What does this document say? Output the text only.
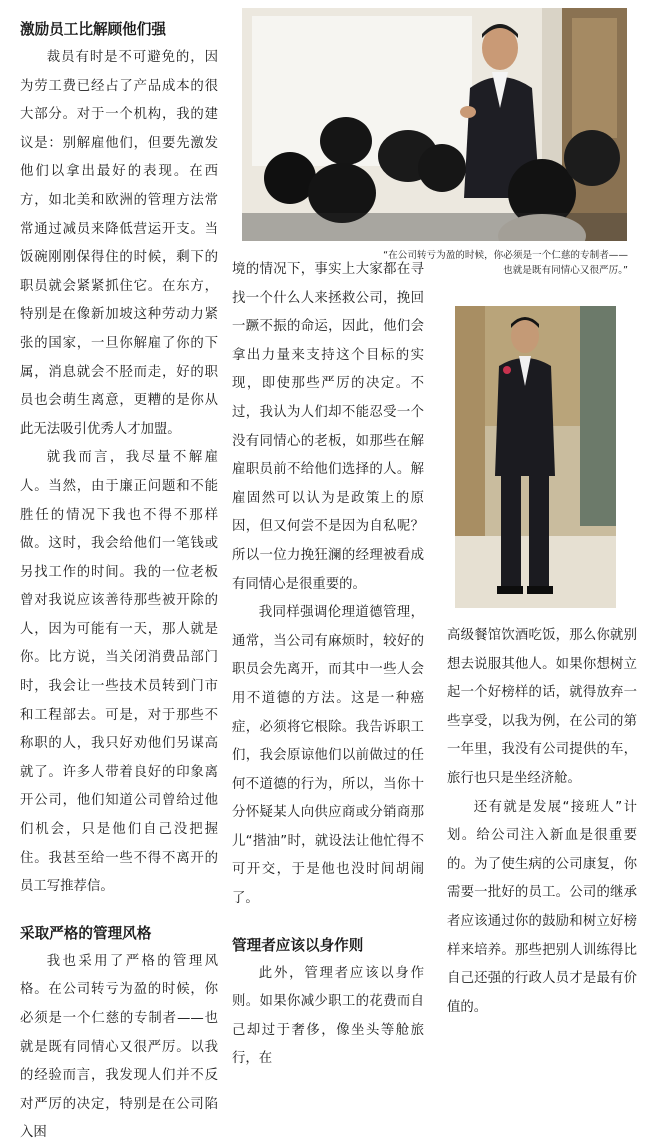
激励员工比解顾他们强

裁员有时是不可避免的，因为劳工费已经占了产品成本的很大部分。对于一个机构，我的建议是：别解雇他们，但要先激发他们以拿出最好的表现。在西方，如北美和欧洲的管理方法常常通过减员来降低营运开支。当饭碗刚刚保得住的时候，剩下的职员就会紧紧抓住它。在东方，特别是在像新加坡这种劳动力紧张的国家，一旦你解雇了你的下属，消息就会不胫而走，好的职员也会萌生离意，更糟的是你从此无法吸引优秀人才加盟。

就我而言，我尽量不解雇人。当然，由于廉正问题和不能胜任的情况下我也不得不那样做。这时，我会给他们一笔钱或另找工作的时间。我的一位老板曾对我说应该善待那些被开除的人，因为可能有一天，那人就是你。比方说，当关闭消费品部门时，我会让一些技术员转到门市和工程部去。可是，对于那些不称职的人，我只好劝他们另谋高就了。许多人带着良好的印象离开公司，他们知道公司曾给过他们机会，只是他们自己没把握住。我甚至给一些不得不离开的员工写推荐信。

采取严格的管理风格

我也采用了严格的管理风格。在公司转亏为盈的时候，你必须是一个仁慈的专制者——也就是既有同情心又很严厉。以我的经验而言，我发现人们并不反对严厉的决定，特别是在公司陷入困

“在公司转亏为盈的时候，你必须是一个仁慈的专制者——
也就是既有同情心又很严厉。”

境的情况下，事实上大家都在寻找一个什么人来拯救公司，挽回一蹶不振的命运，因此，他们会拿出力量来支持这个目标的实现，即使那些严厉的决定。不过，我认为人们却不能忍受一个没有同情心的老板，如那些在解雇职员前不给他们选择的人。解雇固然可以认为是政策上的原因，但又何尝不是因为自私呢？所以一位力挽狂澜的经理被看成有同情心是很重要的。

我同样强调伦理道德管理，通常，当公司有麻烦时，较好的职员会先离开，而其中一些人会用不道德的方法。这是一种癌症，必须将它根除。我告诉职工们，我会原谅他们以前做过的任何不道德的行为，所以，当你十分怀疑某人向供应商或分销商那儿“揩油”时，就设法让他忙得不可开交，于是他也没时间胡闹了。

管理者应该以身作则

此外，管理者应该以身作则。如果你减少职工的花费而自己却过于奢侈，像坐头等舱旅行，在

高级餐馆饮酒吃饭，那么你就别想去说服其他人。如果你想树立起一个好榜样的话，就得放弃一些享受，以我为例，在公司的第一年里，我没有公司提供的车，旅行也只是坐经济舱。

还有就是发展“接班人”计划。给公司注入新血是很重要的。为了使生病的公司康复，你需要一批好的员工。公司的继承者应该通过你的鼓励和树立好榜样来培养。那些把别人训练得比自己还强的行政人员才是最有价值的。
